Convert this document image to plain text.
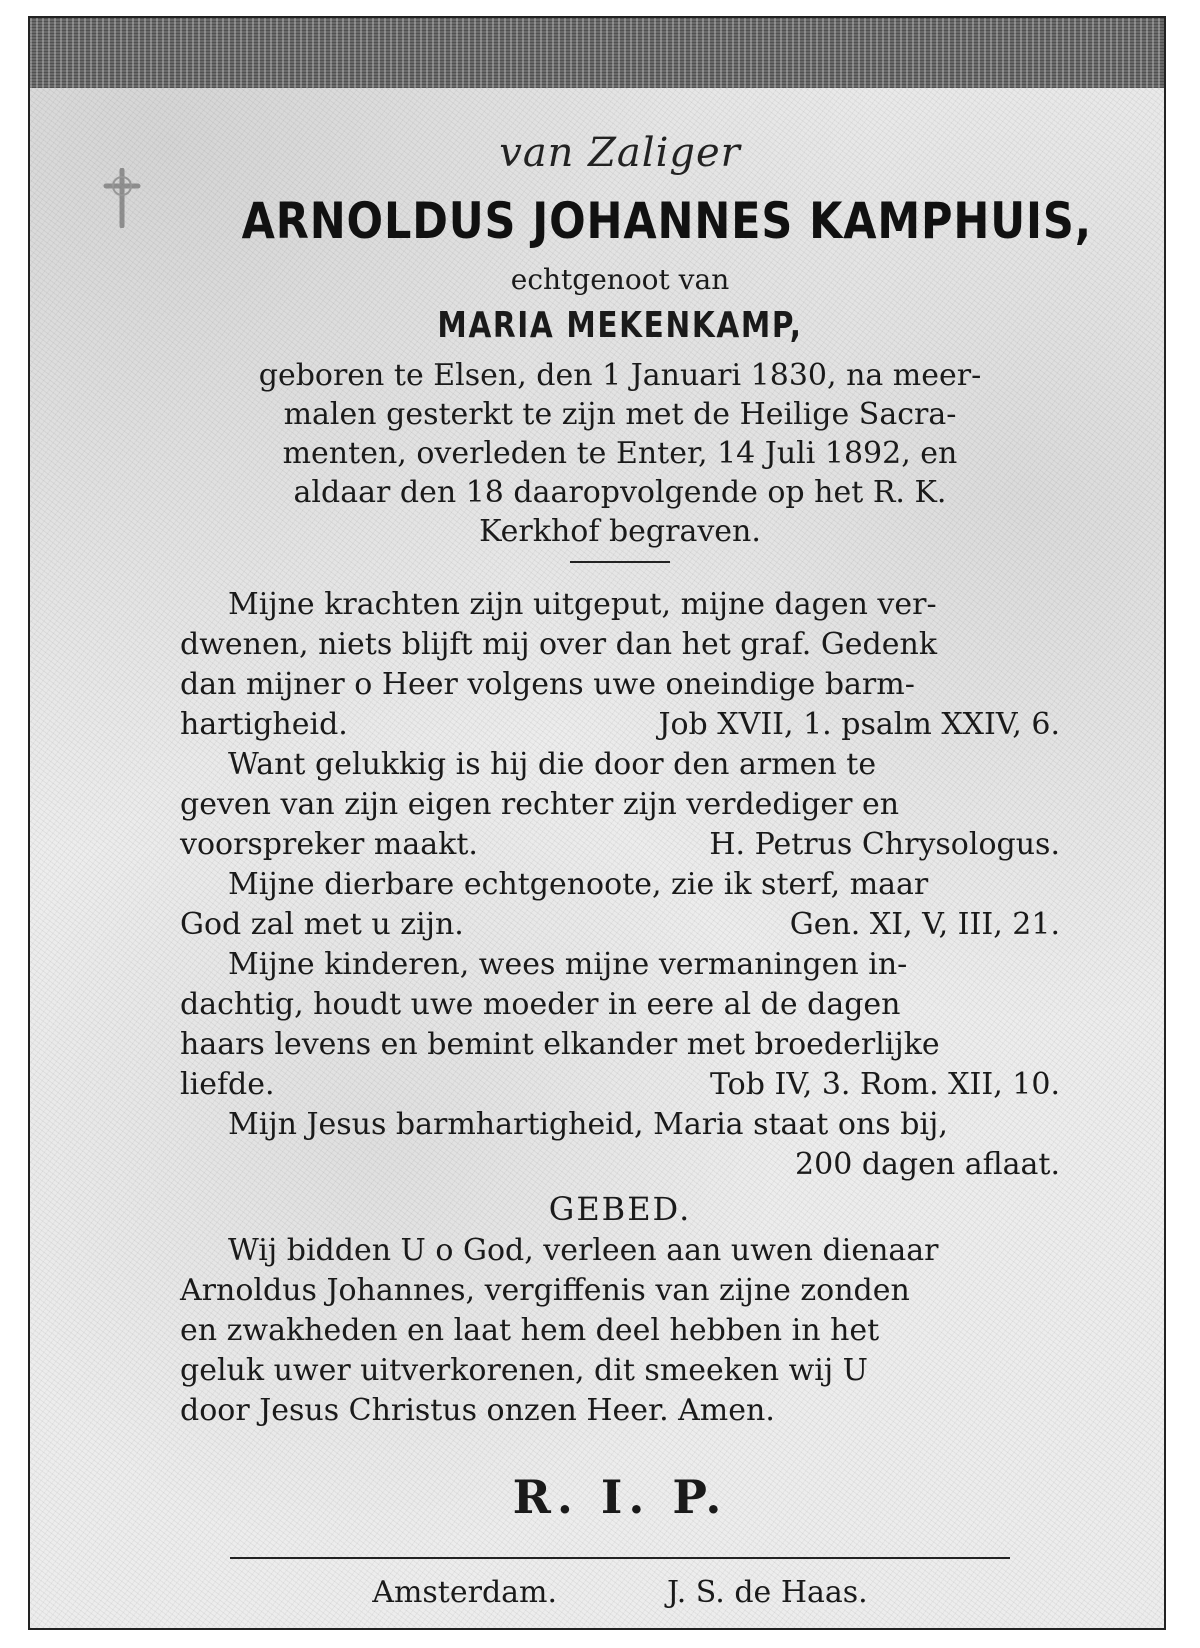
van Zaliger
ARNOLDUS JOHANNES KAMPHUIS,
echtgenoot van
MARIA MEKENKAMP,
geboren te Elsen, den 1 Januari 1830, na meer-
malen gesterkt te zijn met de Heilige Sacra-
menten, overleden te Enter, 14 Juli 1892, en
aldaar den 18 daaropvolgende op het R. K.
Kerkhof begraven.
Mijne krachten zijn uitgeput, mijne dagen ver-
dwenen, niets blijft mij over dan het graf. Gedenk
dan mijner o Heer volgens uwe oneindige barm-
hartigheid.	Job XVII, 1. psalm XXIV, 6.
Want gelukkig is hij die door den armen te
geven van zijn eigen rechter zijn verdediger en
voorspreker maakt.	H. Petrus Chrysologus.
Mijne dierbare echtgenoote, zie ik sterf, maar
God zal met u zijn.	Gen. XI, V, III, 21.
Mijne kinderen, wees mijne vermaningen in-
dachtig, houdt uwe moeder in eere al de dagen
haars levens en bemint elkander met broederlijke
liefde.	Tob IV, 3. Rom. XII, 10.
Mijn Jesus barmhartigheid, Maria staat ons bij,
200 dagen aflaat.
GEBED.
Wij bidden U o God, verleen aan uwen dienaar
Arnoldus Johannes, vergiffenis van zijne zonden
en zwakheden en laat hem deel hebben in het
geluk uwer uitverkorenen, dit smeeken wij U
door Jesus Christus onzen Heer. Amen.
R. I. P.
Amsterdam.	J. S. de Haas.
